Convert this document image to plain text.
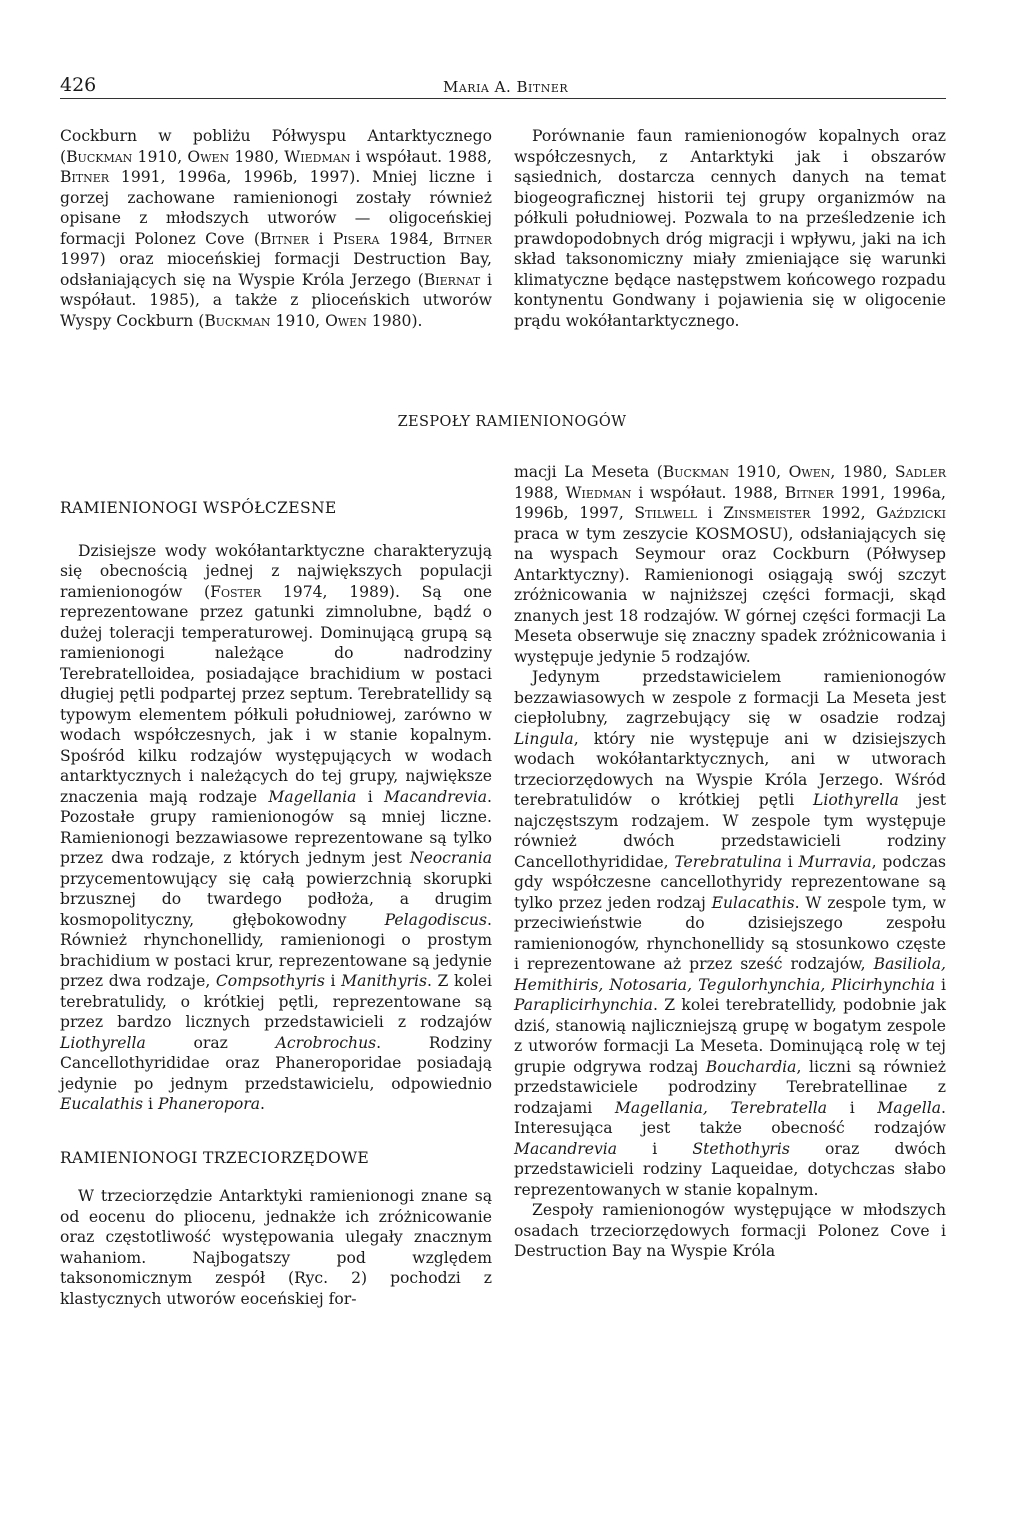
426	Maria A. Bitner

Cockburn w pobliżu Półwyspu Antarktycznego (Buckman 1910, Owen 1980, Wiedman i współaut. 1988, Bitner 1991, 1996a, 1996b, 1997). Mniej liczne i gorzej zachowane ramienionogi zostały również opisane z młodszych utworów — oligoceńskiej formacji Polonez Cove (Bitner i Pisera 1984, Bitner 1997) oraz mioceńskiej formacji Destruction Bay, odsłaniających się na Wyspie Króla Jerzego (Biernat i współaut. 1985), a także z plioceńskich utworów Wyspy Cockburn (Buckman 1910, Owen 1980).

Porównanie faun ramienionogów kopalnych oraz współczesnych, z Antarktyki jak i obszarów sąsiednich, dostarcza cennych danych na temat biogeograficznej historii tej grupy organizmów na półkuli południowej. Pozwala to na prześledzenie ich prawdopodobnych dróg migracji i wpływu, jaki na ich skład taksonomiczny miały zmieniające się warunki klimatyczne będące następstwem końcowego rozpadu kontynentu Gondwany i pojawienia się w oligocenie prądu wokółantarktycznego.

ZESPOŁY RAMIENIONOGÓW

RAMIENIONOGI WSPÓŁCZESNE

Dzisiejsze wody wokółantarktyczne charakteryzują się obecnością jednej z największych populacji ramienionogów (Foster 1974, 1989). Są one reprezentowane przez gatunki zimnolubne, bądź o dużej toleracji temperaturowej. Dominującą grupą są ramienionogi należące do nadrodziny Terebratelloidea, posiadające brachidium w postaci długiej pętli podpartej przez septum. Terebratellidy są typowym elementem półkuli południowej, zarówno w wodach współczesnych, jak i w stanie kopalnym. Spośród kilku rodzajów występujących w wodach antarktycznych i należących do tej grupy, największe znaczenia mają rodzaje Magellania i Macandrevia. Pozostałe grupy ramienionogów są mniej liczne. Ramienionogi bezzawiasowe reprezentowane są tylko przez dwa rodzaje, z których jednym jest Neocrania przycementowujący się całą powierzchnią skorupki brzusznej do twardego podłoża, a drugim kosmopolityczny, głębokowodny Pelagodiscus. Również rhynchonellidy, ramienionogi o prostym brachidium w postaci krur, reprezentowane są jedynie przez dwa rodzaje, Compsothyris i Manithyris. Z kolei terebratulidy, o krótkiej pętli, reprezentowane są przez bardzo licznych przedstawicieli z rodzajów Liothyrella oraz Acrobrochus. Rodziny Cancellothyrididae oraz Phaneroporidae posiadają jedynie po jednym przedstawicielu, odpowiednio Eucalathis i Phaneropora.

RAMIENIONOGI TRZECIORZĘDOWE

W trzeciorzędzie Antarktyki ramienionogi znane są od eocenu do pliocenu, jednakże ich zróżnicowanie oraz częstotliwość występowania ulegały znacznym wahaniom. Najbogatszy pod względem taksonomicznym zespół (Ryc. 2) pochodzi z klastycznych utworów eoceńskiej for-

macji La Meseta (Buckman 1910, Owen, 1980, Sadler 1988, Wiedman i współaut. 1988, Bitner 1991, 1996a, 1996b, 1997, Stilwell i Zinsmeister 1992, Gaździcki praca w tym zeszycie KOSMOSU), odsłaniających się na wyspach Seymour oraz Cockburn (Półwysep Antarktyczny). Ramienionogi osiągają swój szczyt zróżnicowania w najniższej części formacji, skąd znanych jest 18 rodzajów. W górnej części formacji La Meseta obserwuje się znaczny spadek zróżnicowania i występuje jedynie 5 rodzajów.

Jedynym przedstawicielem ramienionogów bezzawiasowych w zespole z formacji La Meseta jest ciepłolubny, zagrzebujący się w osadzie rodzaj Lingula, który nie występuje ani w dzisiejszych wodach wokółantarktycznych, ani w utworach trzeciorzędowych na Wyspie Króla Jerzego. Wśród terebratulidów o krótkiej pętli Liothyrella jest najczęstszym rodzajem. W zespole tym występuje również dwóch przedstawicieli rodziny Cancellothyrididae, Terebratulina i Murravia, podczas gdy współczesne cancellothyridy reprezentowane są tylko przez jeden rodzaj Eulacathis. W zespole tym, w przeciwieństwie do dzisiejszego zespołu ramienionogów, rhynchonellidy są stosunkowo częste i reprezentowane aż przez sześć rodzajów, Basiliola, Hemithiris, Notosaria, Tegulorhynchia, Plicirhynchia i Paraplicirhynchia. Z kolei terebratellidy, podobnie jak dziś, stanowią najliczniejszą grupę w bogatym zespole z utworów formacji La Meseta. Dominującą rolę w tej grupie odgrywa rodzaj Bouchardia, liczni są również przedstawiciele podrodziny Terebratellinae z rodzajami Magellania, Terebratella i Magella. Interesująca jest także obecność rodzajów Macandrevia i Stethothyris oraz dwóch przedstawicieli rodziny Laqueidae, dotychczas słabo reprezentowanych w stanie kopalnym.

Zespoły ramienionogów występujące w młodszych osadach trzeciorzędowych formacji Polonez Cove i Destruction Bay na Wyspie Króla
